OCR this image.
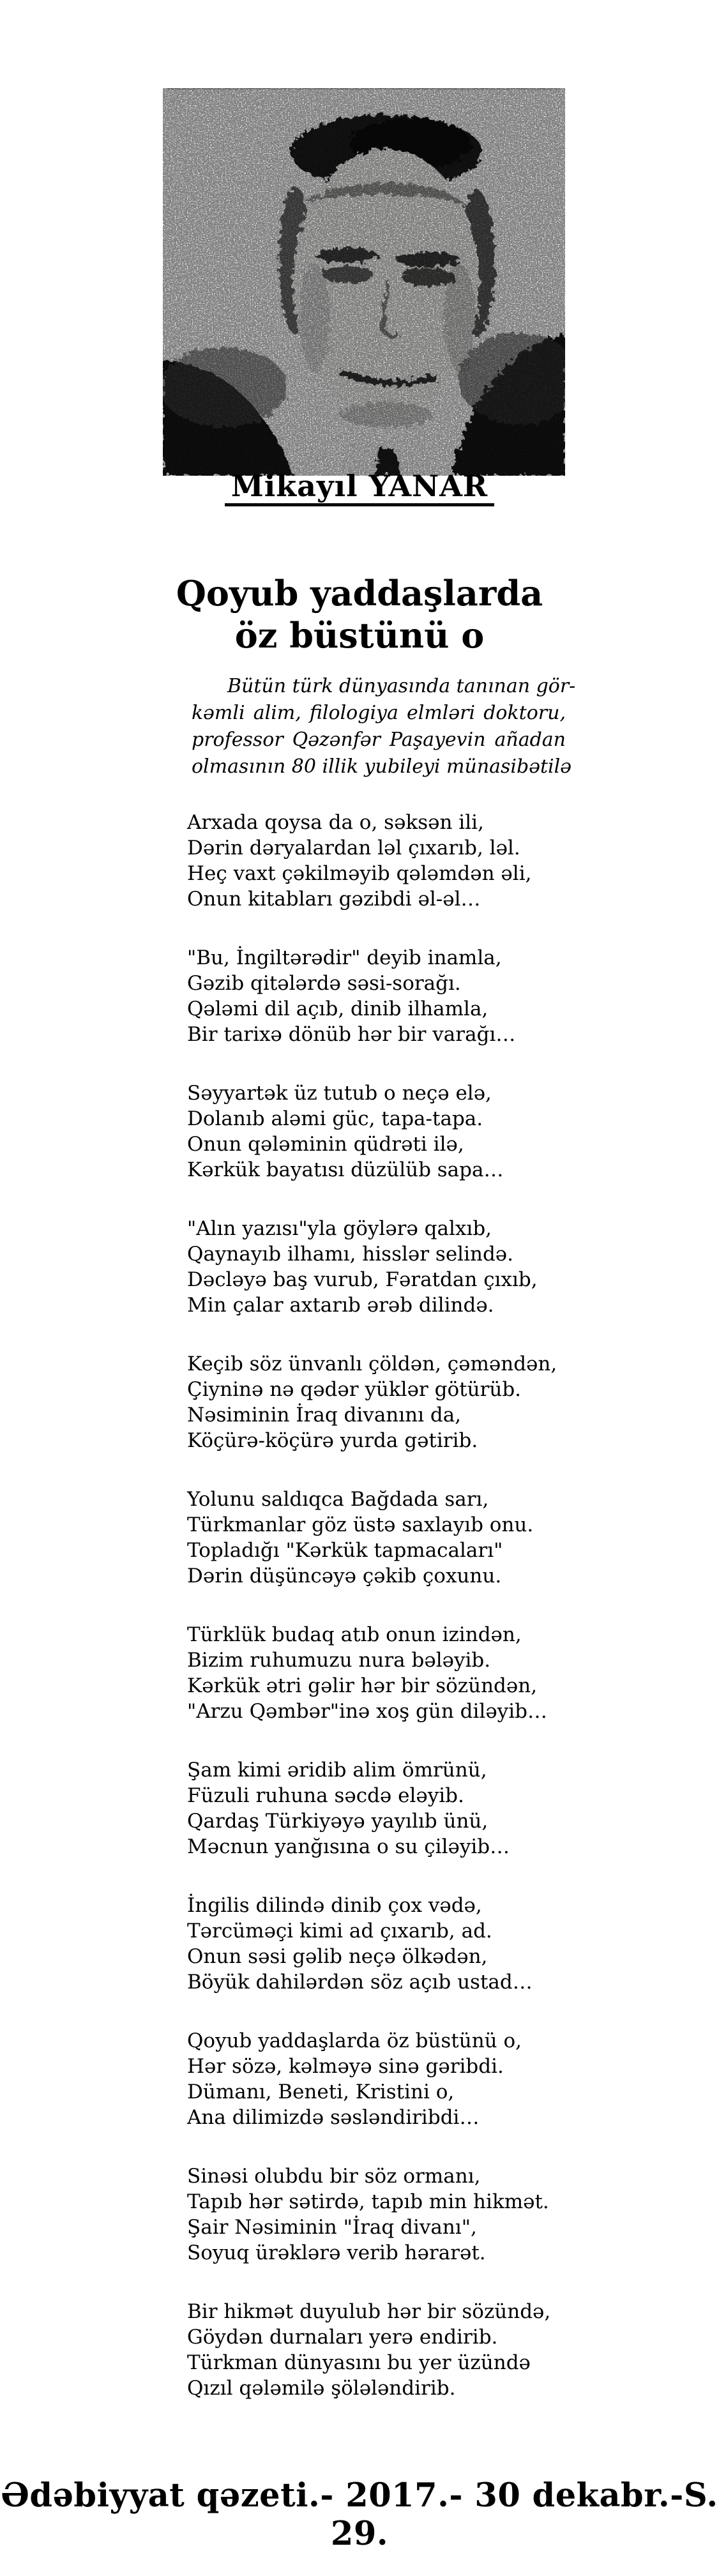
Mikayıl YANAR
Qoyub yaddaşlarda
öz büstünü o
Bütün türk dünyasında tanınan gör-
kəmli alim, filologiya elmləri doktoru,
professor Qəzənfər Paşayevin añadan
olmasının 80 illik yubileyi münasibətilə
Arxada qoysa da o, səksən ili,
Dərin dəryalardan ləl çıxarıb, ləl.
Heç vaxt çəkilməyib qələmdən əli,
Onun kitabları gəzibdi əl-əl…
"Bu, İngiltərədir" deyib inamla,
Gəzib qitələrdə səsi-sorağı.
Qələmi dil açıb, dinib ilhamla,
Bir tarixə dönüb hər bir varağı…
Səyyartək üz tutub o neçə elə,
Dolanıb aləmi güc, tapa-tapa.
Onun qələminin qüdrəti ilə,
Kərkük bayatısı düzülüb sapa…
"Alın yazısı"yla göylərə qalxıb,
Qaynayıb ilhamı, hisslər selində.
Dəcləyə baş vurub, Fəratdan çıxıb,
Min çalar axtarıb ərəb dilində.
Keçib söz ünvanlı çöldən, çəməndən,
Çiyninə nə qədər yüklər götürüb.
Nəsiminin İraq divanını da,
Köçürə-köçürə yurda gətirib.
Yolunu saldıqca Bağdada sarı,
Türkmanlar göz üstə saxlayıb onu.
Topladığı "Kərkük tapmacaları"
Dərin düşüncəyə çəkib çoxunu.
Türklük budaq atıb onun izindən,
Bizim ruhumuzu nura bələyib.
Kərkük ətri gəlir hər bir sözündən,
"Arzu Qəmbər"inə xoş gün diləyib…
Şam kimi əridib alim ömrünü,
Füzuli ruhuna səcdə eləyib.
Qardaş Türkiyəyə yayılıb ünü,
Məcnun yanğısına o su çiləyib…
İngilis dilində dinib çox vədə,
Tərcüməçi kimi ad çıxarıb, ad.
Onun səsi gəlib neçə ölkədən,
Böyük dahilərdən söz açıb ustad…
Qoyub yaddaşlarda öz büstünü o,
Hər sözə, kəlməyə sinə gəribdi.
Dümanı, Beneti, Kristini o,
Ana dilimizdə səsləndiribdi…
Sinəsi olubdu bir söz ormanı,
Tapıb hər sətirdə, tapıb min hikmət.
Şair Nəsiminin "İraq divanı",
Soyuq ürəklərə verib hərarət.
Bir hikmət duyulub hər bir sözündə,
Göydən durnaları yerə endirib.
Türkman dünyasını bu yer üzündə
Qızıl qələmilə şölələndirib.
Ədəbiyyat qəzeti.- 2017.- 30 dekabr.-S. 29.
